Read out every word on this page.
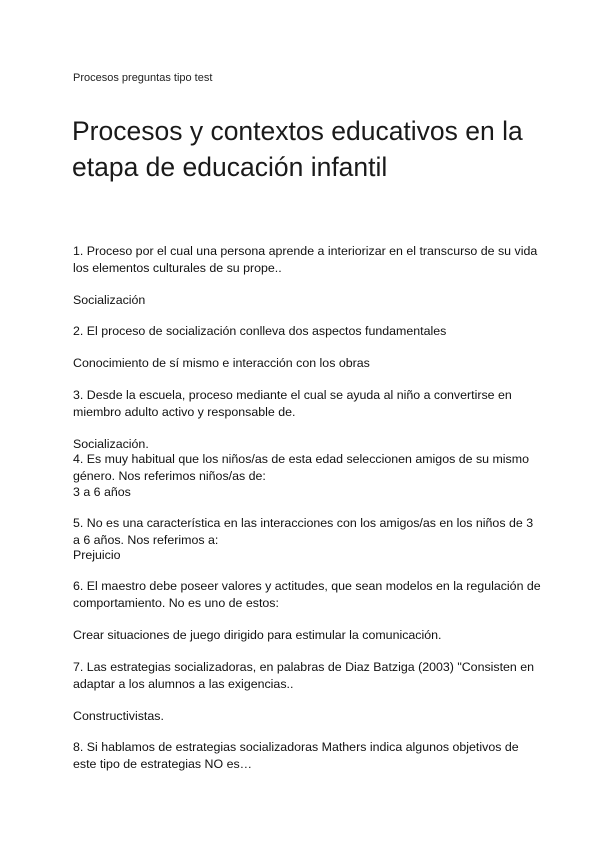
Procesos preguntas tipo test
Procesos y contextos educativos en la etapa de educación infantil

1. Proceso por el cual una persona aprende a interiorizar en el transcurso de su vida los elementos culturales de su prope..

Socialización

2. El proceso de socialización conlleva dos aspectos fundamentales

Conocimiento de sí mismo e interacción con los obras

3. Desde la escuela, proceso mediante el cual se ayuda al niño a convertirse en miembro adulto activo y responsable de.

Socialización.

4. Es muy habitual que los niños/as de esta edad seleccionen amigos de su mismo género. Nos referimos niños/as de:

3 a 6 años

5. No es una característica en las interacciones con los amigos/as en los niños de 3 a 6 años. Nos referimos a:

Prejuicio

6. El maestro debe poseer valores y actitudes, que sean modelos en la regulación de comportamiento. No es uno de estos:

Crear situaciones de juego dirigido para estimular la comunicación.

7. Las estrategias socializadoras, en palabras de Diaz Batziga (2003) "Consisten en adaptar a los alumnos a las exigencias..

Constructivistas.

8. Si hablamos de estrategias socializadoras Mathers indica algunos objetivos de este tipo de estrategias NO es…
